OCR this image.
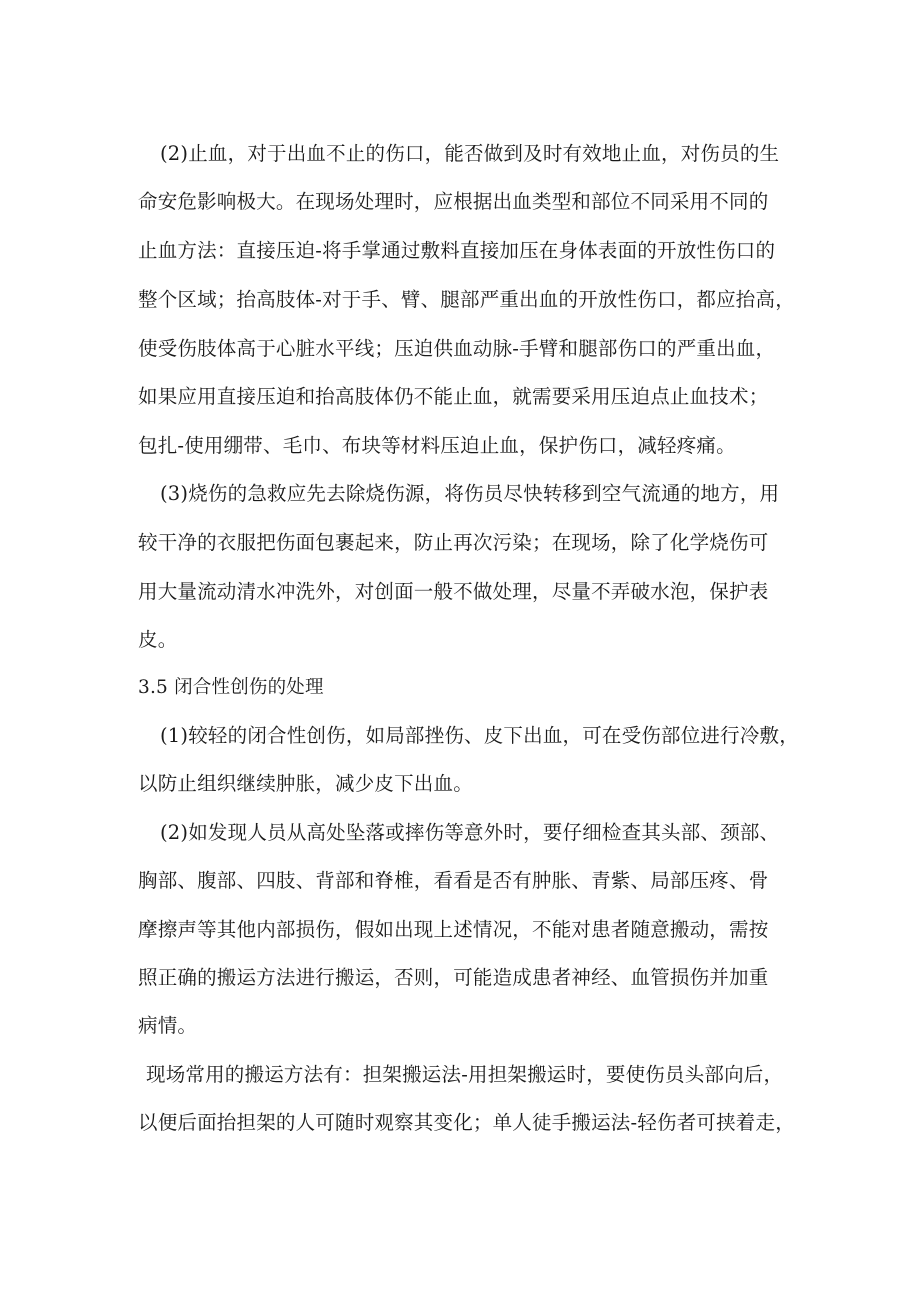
(2)止血，对于出血不止的伤口，能否做到及时有效地止血，对伤员的生
命安危影响极大。在现场处理时，应根据出血类型和部位不同采用不同的
止血方法：直接压迫-将手掌通过敷料直接加压在身体表面的开放性伤口的
整个区域；抬高肢体-对于手、臂、腿部严重出血的开放性伤口，都应抬高，
使受伤肢体高于心脏水平线；压迫供血动脉-手臂和腿部伤口的严重出血，
如果应用直接压迫和抬高肢体仍不能止血，就需要采用压迫点止血技术；
包扎-使用绷带、毛巾、布块等材料压迫止血，保护伤口，减轻疼痛。
(3)烧伤的急救应先去除烧伤源，将伤员尽快转移到空气流通的地方，用
较干净的衣服把伤面包裹起来，防止再次污染；在现场，除了化学烧伤可
用大量流动清水冲洗外，对创面一般不做处理，尽量不弄破水泡，保护表
皮。
3.5 闭合性创伤的处理
(1)较轻的闭合性创伤，如局部挫伤、皮下出血，可在受伤部位进行冷敷，
以防止组织继续肿胀，减少皮下出血。
(2)如发现人员从高处坠落或摔伤等意外时，要仔细检查其头部、颈部、
胸部、腹部、四肢、背部和脊椎，看看是否有肿胀、青紫、局部压疼、骨
摩擦声等其他内部损伤，假如出现上述情况，不能对患者随意搬动，需按
照正确的搬运方法进行搬运，否则，可能造成患者神经、血管损伤并加重
病情。
现场常用的搬运方法有：担架搬运法-用担架搬运时，要使伤员头部向后，
以便后面抬担架的人可随时观察其变化；单人徒手搬运法-轻伤者可挟着走，
